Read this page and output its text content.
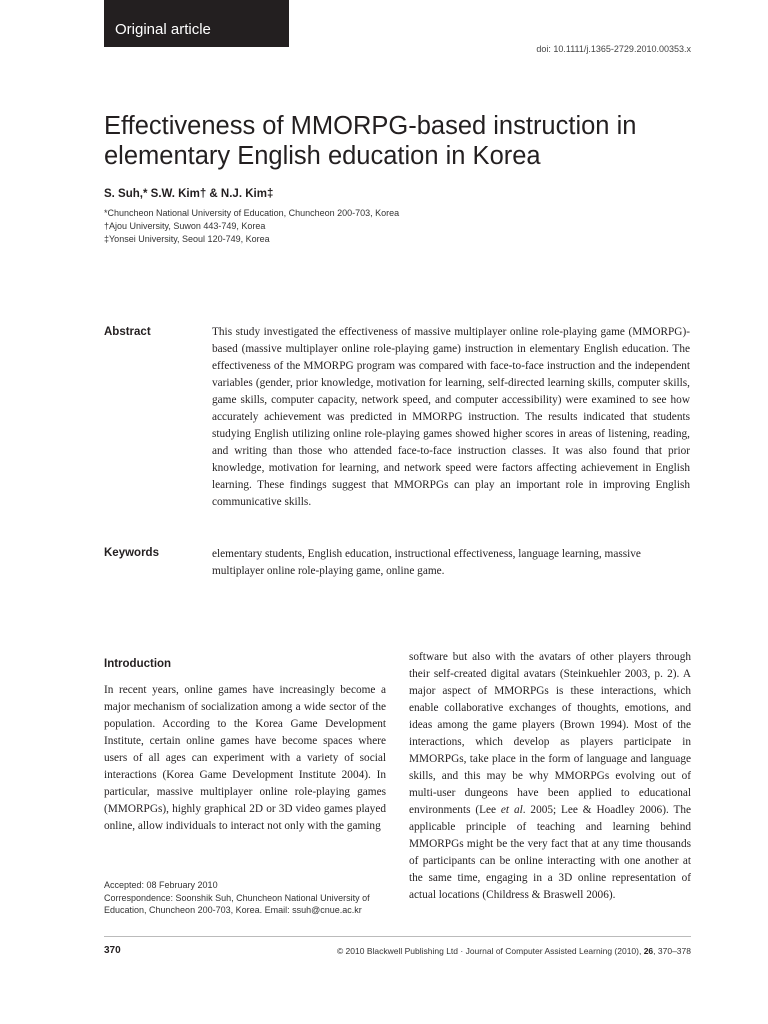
Original article
doi: 10.1111/j.1365-2729.2010.00353.x
Effectiveness of MMORPG-based instruction in elementary English education in Korea
S. Suh,* S.W. Kim† & N.J. Kim‡
*Chuncheon National University of Education, Chuncheon 200-703, Korea
†Ajou University, Suwon 443-749, Korea
‡Yonsei University, Seoul 120-749, Korea
Abstract	This study investigated the effectiveness of massive multiplayer online role-playing game (MMORPG)-based (massive multiplayer online role-playing game) instruction in elementary English education. The effectiveness of the MMORPG program was compared with face-to-face instruction and the independent variables (gender, prior knowledge, motivation for learning, self-directed learning skills, computer skills, game skills, computer capacity, network speed, and computer accessibility) were examined to see how accurately achievement was predicted in MMORPG instruction. The results indicated that students studying English utilizing online role-playing games showed higher scores in areas of listening, reading, and writing than those who attended face-to-face instruction classes. It was also found that prior knowledge, motivation for learning, and network speed were factors affecting achievement in English learning. These findings suggest that MMORPGs can play an important role in improving English communicative skills.

Keywords	elementary students, English education, instructional effectiveness, language learning, massive multiplayer online role-playing game, online game.

Introduction

In recent years, online games have increasingly become a major mechanism of socialization among a wide sector of the population. According to the Korea Game Development Institute, certain online games have become spaces where users of all ages can experiment with a variety of social interactions (Korea Game Development Institute 2004). In particular, massive multiplayer online role-playing games (MMORPGs), highly graphical 2D or 3D video games played online, allow individuals to interact not only with the gaming

software but also with the avatars of other players through their self-created digital avatars (Steinkuehler 2003, p. 2). A major aspect of MMORPGs is these interactions, which enable collaborative exchanges of thoughts, emotions, and ideas among the game players (Brown 1994). Most of the interactions, which develop as players participate in MMORPGs, take place in the form of language and language skills, and this may be why MMORPGs evolving out of multi-user dungeons have been applied to educational environments (Lee et al. 2005; Lee & Hoadley 2006). The applicable principle of teaching and learning behind MMORPGs might be the very fact that at any time thousands of participants can be online interacting with one another at the same time, engaging in a 3D online representation of actual locations (Childress & Braswell 2006).

Accepted: 08 February 2010
Correspondence: Soonshik Suh, Chuncheon National University of Education, Chuncheon 200-703, Korea. Email: ssuh@cnue.ac.kr
370	© 2010 Blackwell Publishing Ltd · Journal of Computer Assisted Learning (2010), 26, 370–378
